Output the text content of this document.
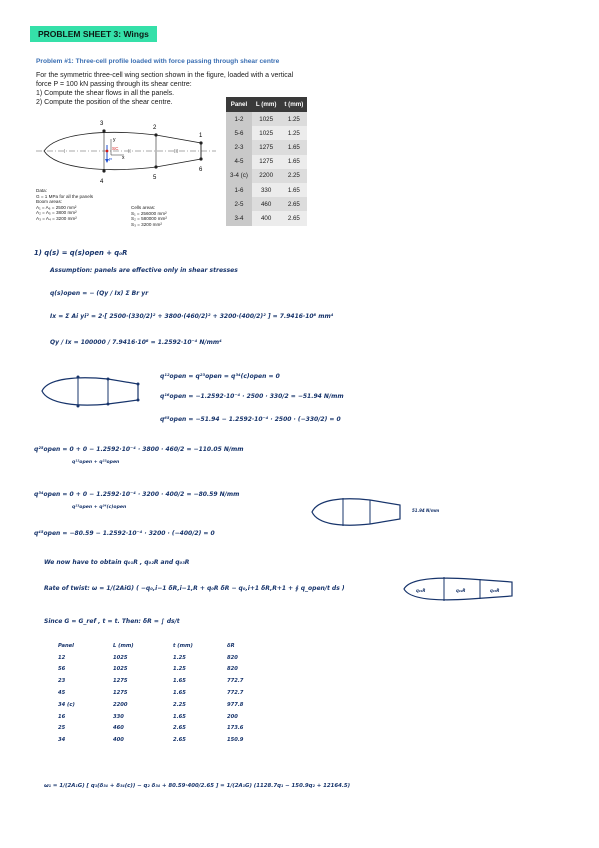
PROBLEM SHEET 3: Wings
Problem #1: Three-cell profile loaded with force passing through shear centre

For the symmetric three-cell wing section shown in the figure, loaded with a vertical

force P = 100 kN passing through its shear centre:

1) Compute the shear flows in all the panels.

2) Compute the position of the shear centre.

3
2
1
4
5
6
y
x
SC
P
I	II	III
Data:
G = 1 MPa for all the panels
Boom areas:
A₁ = A₆ = 2500 mm²
A₂ = A₅ = 3800 mm²
A₃ = A₄ = 3200 mm²
Cells areas:
S₁ = 256000 mm²
S₂ = 580000 mm²
S₃ = 3200 mm²
Panel	L (mm)	t (mm)
1-2	1025	1.25
5-6	1025	1.25
2-3	1275	1.65
4-5	1275	1.65
3-4 (c)	2200	2.25
1-6	330	1.65
2-5	460	2.65
3-4	400	2.65
1) q(s) = q(s)open + q₀R
Assumption: panels are effective only in shear stresses
q(s)open = − (Qy / Ix) Σ Br yr
Ix = Σ Ai yi² = 2·[ 2500·(330/2)² + 3800·(460/2)² + 3200·(400/2)² ] = 7.9416·10⁸ mm⁴
Qy / Ix = 100000 / 7.9416·10⁸ = 1.2592·10⁻⁴ N/mm⁴
q¹²open = q²³open = q³⁴(c)open = 0
q¹⁶open = −1.2592·10⁻⁴ · 2500 · 330/2 = −51.94 N/mm
q⁶⁵open = −51.94 − 1.2592·10⁻⁴ · 2500 · (−330/2) = 0
q²⁵open = 0 + 0 − 1.2592·10⁻⁴ · 3800 · 460/2 = −110.05 N/mm
q¹²open + q²³open
q³⁴open = 0 + 0 − 1.2592·10⁻⁴ · 3200 · 400/2 = −80.59 N/mm
q²³open + q³⁴(c)open
q⁴⁵open = −80.59 − 1.2592·10⁻⁴ · 3200 · (−400/2) = 0
51.94 N/mm
We now have to obtain q₀₁R , q₀₂R and q₀₃R
Rate of twist: ω = 1/(2AiG) ( −q₀,i−1 δR,i−1,R + q₀R δR − q₀,i+1 δR,R+1 + ∮ q_open/t ds )	q₀₁R	q₀₂R	q₀₃R
Since G = G_ref , t = t. Then: δR = ∫ ds/t
Panel	L (mm)	t (mm)	δR
12	1025	1.25	820
56	1025	1.25	820
23	1275	1.65	772.7
45	1275	1.65	772.7
34 (c)	2200	2.25	977.8
16	330	1.65	200
25	460	2.65	173.6
34	400	2.65	150.9
ω₁ = 1/(2A₁G) [ q₁(δ₃₄ + δ₃₄(c)) − q₂ δ₃₄ + 80.59·400/2.65 ] = 1/(2A₁G) (1128.7q₁ − 150.9q₂ + 12164.5)
